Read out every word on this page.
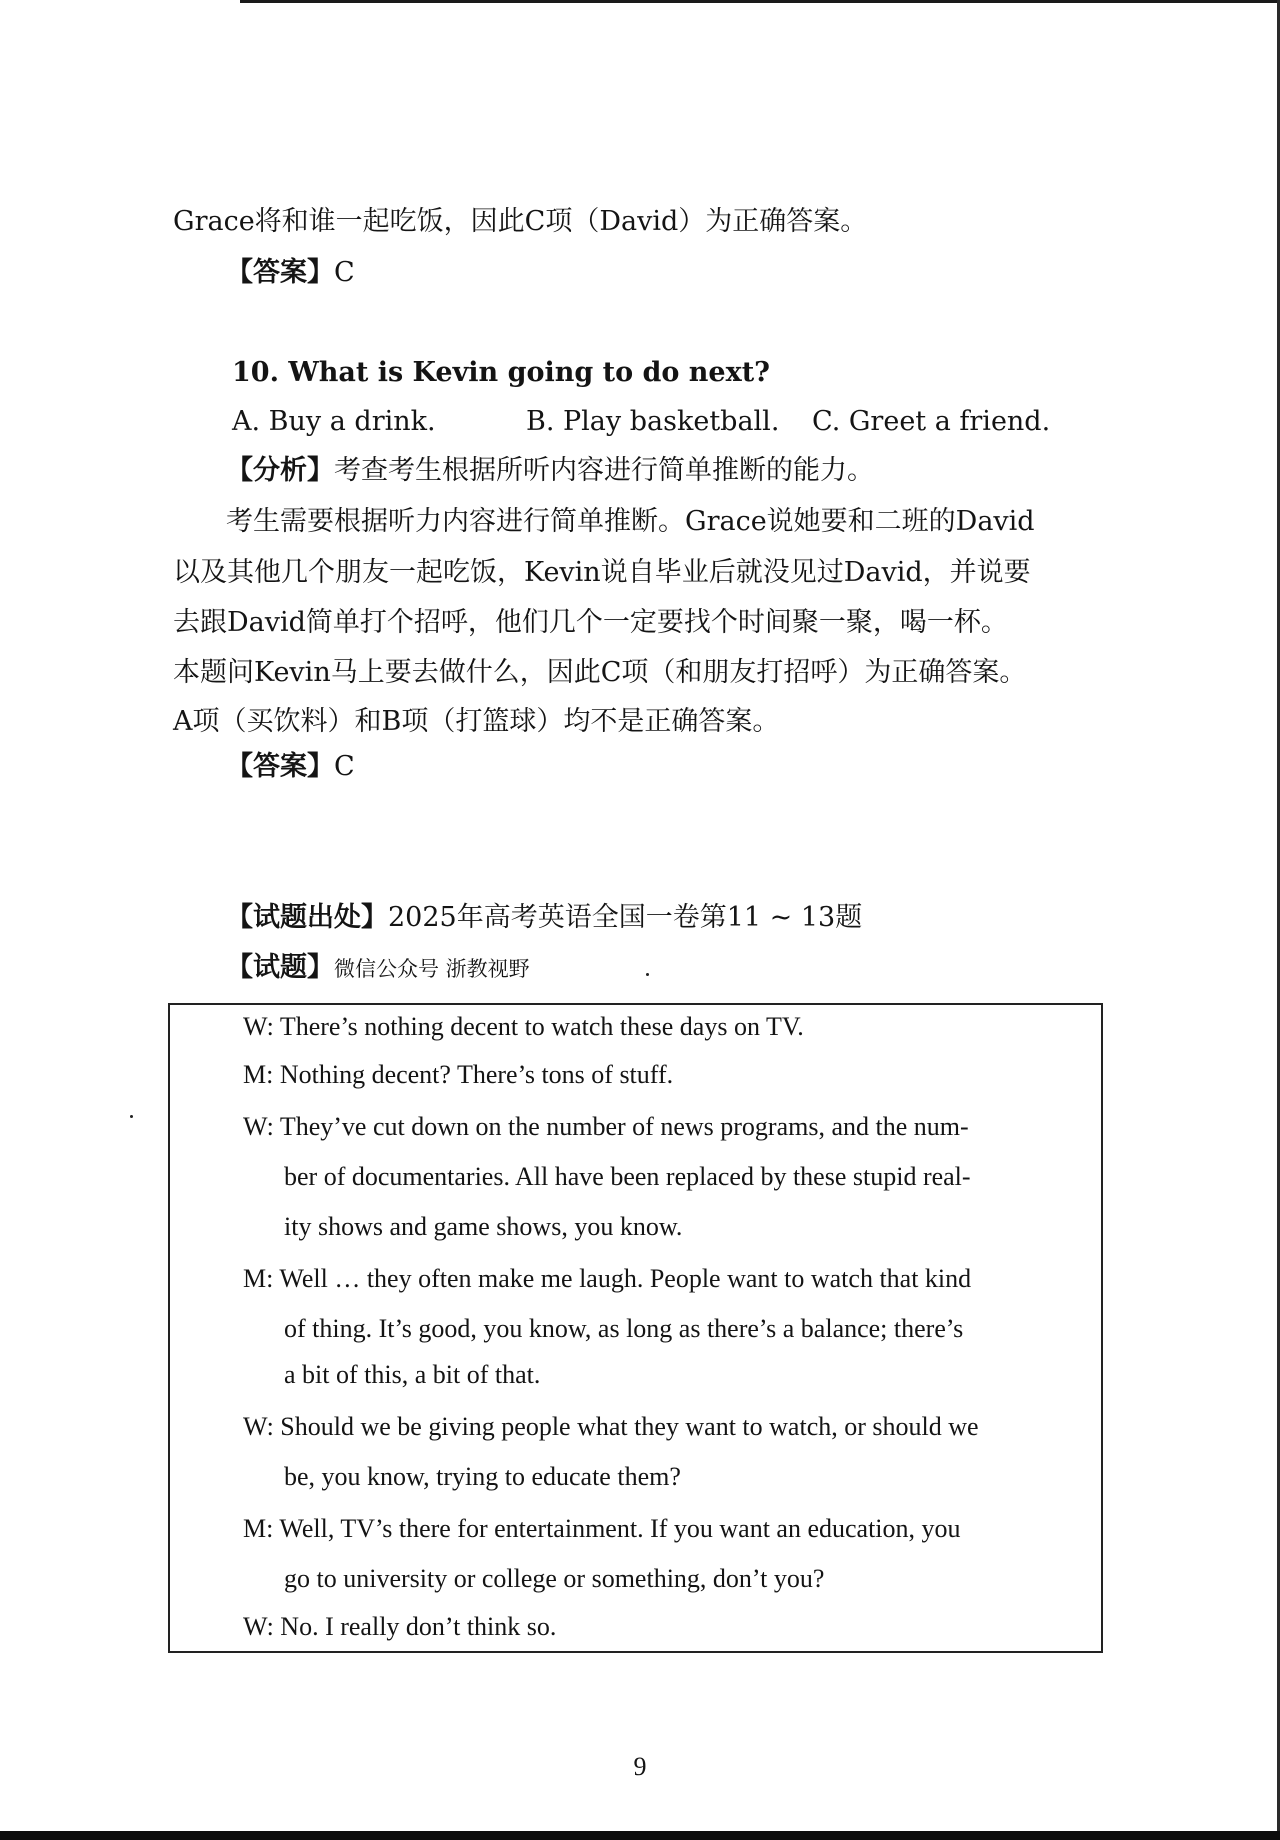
Grace将和谁一起吃饭，因此C项（David）为正确答案。
【答案】C
10. What is Kevin going to do next?
A. Buy a drink.	B. Play basketball. C. Greet a friend.
【分析】考查考生根据所听内容进行简单推断的能力。
考生需要根据听力内容进行简单推断。Grace说她要和二班的David
以及其他几个朋友一起吃饭，Kevin说自毕业后就没见过David，并说要
去跟David简单打个招呼，他们几个一定要找个时间聚一聚，喝一杯。
本题问Kevin马上要去做什么，因此C项（和朋友打招呼）为正确答案。
A项（买饮料）和B项（打篮球）均不是正确答案。
【答案】C
【试题出处】2025年高考英语全国一卷第11 ~ 13题
【试题】微信公众号 浙教视野
W: There’s nothing decent to watch these days on TV.
M: Nothing decent? There’s tons of stuff.
W: They’ve cut down on the number of news programs, and the num-
ber of documentaries. All have been replaced by these stupid real-
ity shows and game shows, you know.
M: Well … they often make me laugh. People want to watch that kind
of thing. It’s good, you know, as long as there’s a balance; there’s
a bit of this, a bit of that.
W: Should we be giving people what they want to watch, or should we
be, you know, trying to educate them?
M: Well, TV’s there for entertainment. If you want an education, you
go to university or college or something, don’t you?
W: No. I really don’t think so.
9
